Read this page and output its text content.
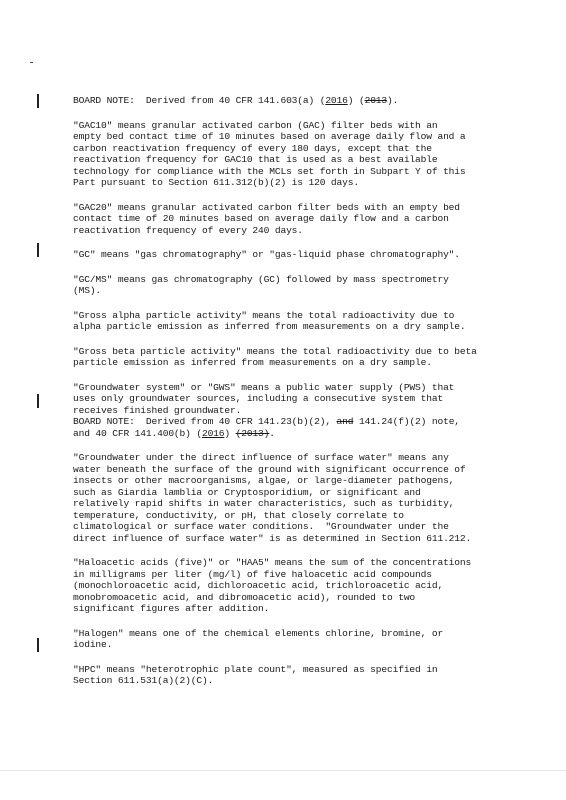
BOARD NOTE:  Derived from 40 CFR 141.603(a) (2016) (2013).
"GAC10" means granular activated carbon (GAC) filter beds with an
empty bed contact time of 10 minutes based on average daily flow and a
carbon reactivation frequency of every 180 days, except that the
reactivation frequency for GAC10 that is used as a best available
technology for compliance with the MCLs set forth in Subpart Y of this
Part pursuant to Section 611.312(b)(2) is 120 days.
"GAC20" means granular activated carbon filter beds with an empty bed
contact time of 20 minutes based on average daily flow and a carbon
reactivation frequency of every 240 days.
"GC" means "gas chromatography" or "gas-liquid phase chromatography".
"GC/MS" means gas chromatography (GC) followed by mass spectrometry
(MS).
"Gross alpha particle activity" means the total radioactivity due to
alpha particle emission as inferred from measurements on a dry sample.
"Gross beta particle activity" means the total radioactivity due to beta
particle emission as inferred from measurements on a dry sample.
"Groundwater system" or "GWS" means a public water supply (PWS) that
uses only groundwater sources, including a consecutive system that
receives finished groundwater.
BOARD NOTE:  Derived from 40 CFR 141.23(b)(2), and 141.24(f)(2) note,
and 40 CFR 141.400(b) (2016) (2013).
"Groundwater under the direct influence of surface water" means any
water beneath the surface of the ground with significant occurrence of
insects or other macroorganisms, algae, or large-diameter pathogens,
such as Giardia lamblia or Cryptosporidium, or significant and
relatively rapid shifts in water characteristics, such as turbidity,
temperature, conductivity, or pH, that closely correlate to
climatological or surface water conditions.  "Groundwater under the
direct influence of surface water" is as determined in Section 611.212.
"Haloacetic acids (five)" or "HAA5" means the sum of the concentrations
in milligrams per liter (mg/l) of five haloacetic acid compounds
(monochloroacetic acid, dichloroacetic acid, trichloroacetic acid,
monobromoacetic acid, and dibromoacetic acid), rounded to two
significant figures after addition.
"Halogen" means one of the chemical elements chlorine, bromine, or
iodine.
"HPC" means "heterotrophic plate count", measured as specified in
Section 611.531(a)(2)(C).
